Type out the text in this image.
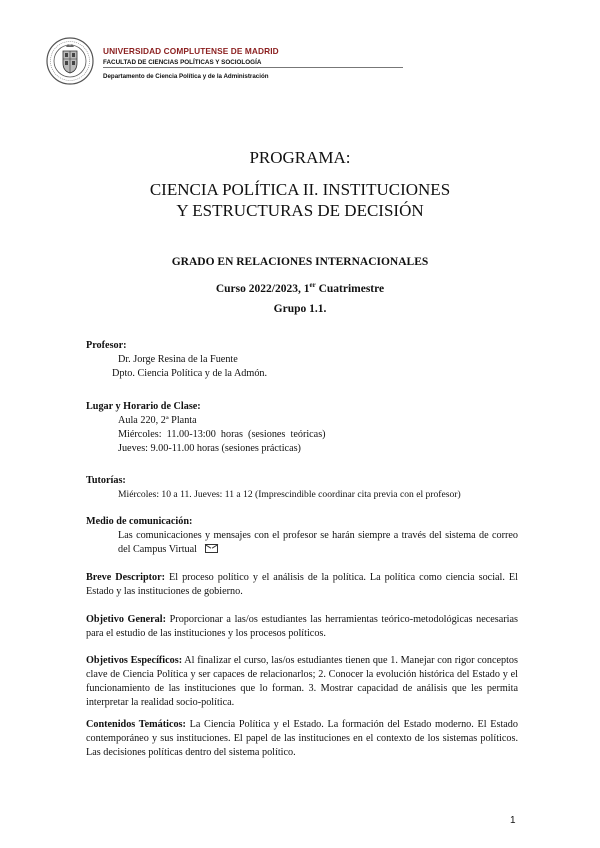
UNIVERSIDAD COMPLUTENSE DE MADRID
FACULTAD DE CIENCIAS POLÍTICAS Y SOCIOLOGÍA
Departamento de Ciencia Política y de la Administración
PROGRAMA:
CIENCIA POLÍTICA II. INSTITUCIONES
Y ESTRUCTURAS DE DECISIÓN
GRADO EN RELACIONES INTERNACIONALES
Curso 2022/2023, 1er Cuatrimestre
Grupo 1.1.
Profesor:
Dr. Jorge Resina de la Fuente
Dpto. Ciencia Política y de la Admón.
Lugar y Horario de Clase:
Aula 220, 2ª Planta
Miércoles:  11.00-13:00  horas  (sesiones  teóricas)
Jueves: 9.00-11.00 horas (sesiones prácticas)
Tutorías:
Miércoles: 10 a 11. Jueves: 11 a 12 (Imprescindible coordinar cita previa con el profesor)
Medio de comunicación:
Las comunicaciones y mensajes con el profesor se harán siempre a través del sistema de correo del Campus Virtual
Breve Descriptor: El proceso político y el análisis de la política. La política como ciencia social. El Estado y las instituciones de gobierno.
Objetivo General: Proporcionar a las/os estudiantes las herramientas teórico-metodológicas necesarias para el estudio de las instituciones y los procesos políticos.
Objetivos Específicos: Al finalizar el curso, las/os estudiantes tienen que 1. Manejar con rigor conceptos clave de Ciencia Política y ser capaces de relacionarlos; 2. Conocer la evolución histórica del Estado y el funcionamiento de las instituciones que lo forman. 3. Mostrar capacidad de análisis que les permita interpretar la realidad socio-política.
Contenidos Temáticos: La Ciencia Política y el Estado. La formación del Estado moderno. El Estado contemporáneo y sus instituciones. El papel de las instituciones en el contexto de los sistemas políticos. Las decisiones políticas dentro del sistema político.
1
